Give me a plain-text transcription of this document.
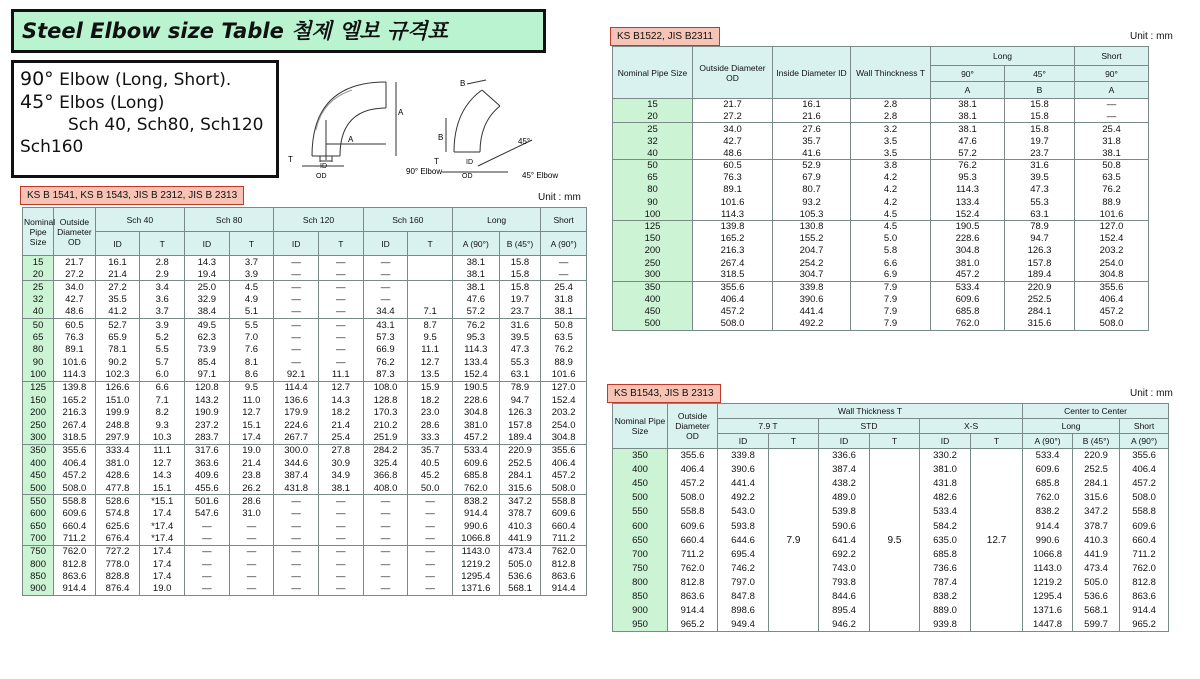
Steel Elbow size Table 철제 엘보 규격표
90° Elbow (Long, Short).
45° Elbos (Long)
Sch 40, Sch80, Sch120
Sch160
A
T
ID
OD
A
90° Elbow
B
B
T	ID
OD
45°
45° Elbow
KS B 1541, KS B 1543, JIS B 2312, JIS B 2313	Unit : mm
Nominal Pipe Size	Outside Diameter OD	Sch 40		Sch 80		Sch 120		Sch 160		Long		Short
		ID	T	ID	T	ID	T	ID	T	A (90°)	B (45°)	A (90°)
15	21.7	16.1	2.8	14.3	3.7	—	—	—		38.1	15.8	—
20	27.2	21.4	2.9	19.4	3.9	—	—	—		38.1	15.8	—
25	34.0	27.2	3.4	25.0	4.5	—	—	—		38.1	15.8	25.4
32	42.7	35.5	3.6	32.9	4.9	—	—	—		47.6	19.7	31.8
40	48.6	41.2	3.7	38.4	5.1	—	—	34.4	7.1	57.2	23.7	38.1
50	60.5	52.7	3.9	49.5	5.5	—	—	43.1	8.7	76.2	31.6	50.8
65	76.3	65.9	5.2	62.3	7.0	—	—	57.3	9.5	95.3	39.5	63.5
80	89.1	78.1	5.5	73.9	7.6	—	—	66.9	11.1	114.3	47.3	76.2
90	101.6	90.2	5.7	85.4	8.1	—	—	76.2	12.7	133.4	55.3	88.9
100	114.3	102.3	6.0	97.1	8.6	92.1	11.1	87.3	13.5	152.4	63.1	101.6
125	139.8	126.6	6.6	120.8	9.5	114.4	12.7	108.0	15.9	190.5	78.9	127.0
150	165.2	151.0	7.1	143.2	11.0	136.6	14.3	128.8	18.2	228.6	94.7	152.4
200	216.3	199.9	8.2	190.9	12.7	179.9	18.2	170.3	23.0	304.8	126.3	203.2
250	267.4	248.8	9.3	237.2	15.1	224.6	21.4	210.2	28.6	381.0	157.8	254.0
300	318.5	297.9	10.3	283.7	17.4	267.7	25.4	251.9	33.3	457.2	189.4	304.8
350	355.6	333.4	11.1	317.6	19.0	300.0	27.8	284.2	35.7	533.4	220.9	355.6
400	406.4	381.0	12.7	363.6	21.4	344.6	30.9	325.4	40.5	609.6	252.5	406.4
450	457.2	428.6	14.3	409.6	23.8	387.4	34.9	366.8	45.2	685.8	284.1	457.2
500	508.0	477.8	15.1	455.6	26.2	431.8	38.1	408.0	50.0	762.0	315.6	508.0
550	558.8	528.6	*15.1	501.6	28.6	—	—	—	—	838.2	347.2	558.8
600	609.6	574.8	17.4	547.6	31.0	—	—	—	—	914.4	378.7	609.6
650	660.4	625.6	*17.4	—	—	—	—	—	—	990.6	410.3	660.4
700	711.2	676.4	*17.4	—	—	—	—	—	—	1066.8	441.9	711.2
750	762.0	727.2	17.4	—	—	—	—	—	—	1143.0	473.4	762.0
800	812.8	778.0	17.4	—	—	—	—	—	—	1219.2	505.0	812.8
850	863.6	828.8	17.4	—	—	—	—	—	—	1295.4	536.6	863.6
900	914.4	876.4	19.0	—	—	—	—	—	—	1371.6	568.1	914.4
KS B1522, JIS B2311	Unit : mm
Nominal Pipe Size	Outside Diameter OD	Inside Diameter ID	Wall Thinckness T	Long		Short
				90°	45°	90°
				A	B	A
15	21.7	16.1	2.8	38.1	15.8	—
20	27.2	21.6	2.8	38.1	15.8	—
25	34.0	27.6	3.2	38.1	15.8	25.4
32	42.7	35.7	3.5	47.6	19.7	31.8
40	48.6	41.6	3.5	57.2	23.7	38.1
50	60.5	52.9	3.8	76.2	31.6	50.8
65	76.3	67.9	4.2	95.3	39.5	63.5
80	89.1	80.7	4.2	114.3	47.3	76.2
90	101.6	93.2	4.2	133.4	55.3	88.9
100	114.3	105.3	4.5	152.4	63.1	101.6
125	139.8	130.8	4.5	190.5	78.9	127.0
150	165.2	155.2	5.0	228.6	94.7	152.4
200	216.3	204.7	5.8	304.8	126.3	203.2
250	267.4	254.2	6.6	381.0	157.8	254.0
300	318.5	304.7	6.9	457.2	189.4	304.8
350	355.6	339.8	7.9	533.4	220.9	355.6
400	406.4	390.6	7.9	609.6	252.5	406.4
450	457.2	441.4	7.9	685.8	284.1	457.2
500	508.0	492.2	7.9	762.0	315.6	508.0
KS B1543, JIS B 2313	Unit : mm
Nominal Pipe Size	Outside Diameter OD	Wall Thickness T						Center to Center		
		7.9 T		STD		X-S		Long		Short
		ID	T	ID	T	ID	T	A (90°)	B (45°)	A (90°)
350	355.6	339.8	7.9	336.6	9.5	330.2	12.7	533.4	220.9	355.6
400	406.4	390.6		387.4		381.0		609.6	252.5	406.4
450	457.2	441.4		438.2		431.8		685.8	284.1	457.2
500	508.0	492.2		489.0		482.6		762.0	315.6	508.0
550	558.8	543.0		539.8		533.4		838.2	347.2	558.8
600	609.6	593.8		590.6		584.2		914.4	378.7	609.6
650	660.4	644.6		641.4		635.0		990.6	410.3	660.4
700	711.2	695.4		692.2		685.8		1066.8	441.9	711.2
750	762.0	746.2		743.0		736.6		1143.0	473.4	762.0
800	812.8	797.0		793.8		787.4		1219.2	505.0	812.8
850	863.6	847.8		844.6		838.2		1295.4	536.6	863.6
900	914.4	898.6		895.4		889.0		1371.6	568.1	914.4
950	965.2	949.4		946.2		939.8		1447.8	599.7	965.2
